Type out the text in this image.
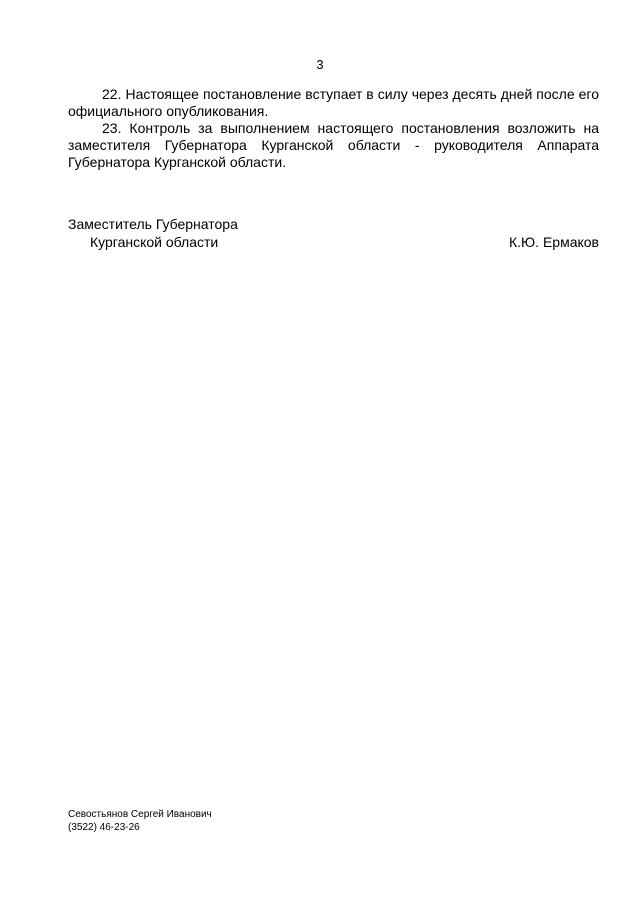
3

22. Настоящее постановление вступает в силу через десять дней после его официального опубликования.

23. Контроль за выполнением настоящего постановления возложить на заместителя Губернатора Курганской области - руководителя Аппарата Губернатора Курганской области.

Заместитель Губернатора
Курганской области	К.Ю. Ермаков
Севостьянов Сергей Иванович
(3522) 46-23-26
